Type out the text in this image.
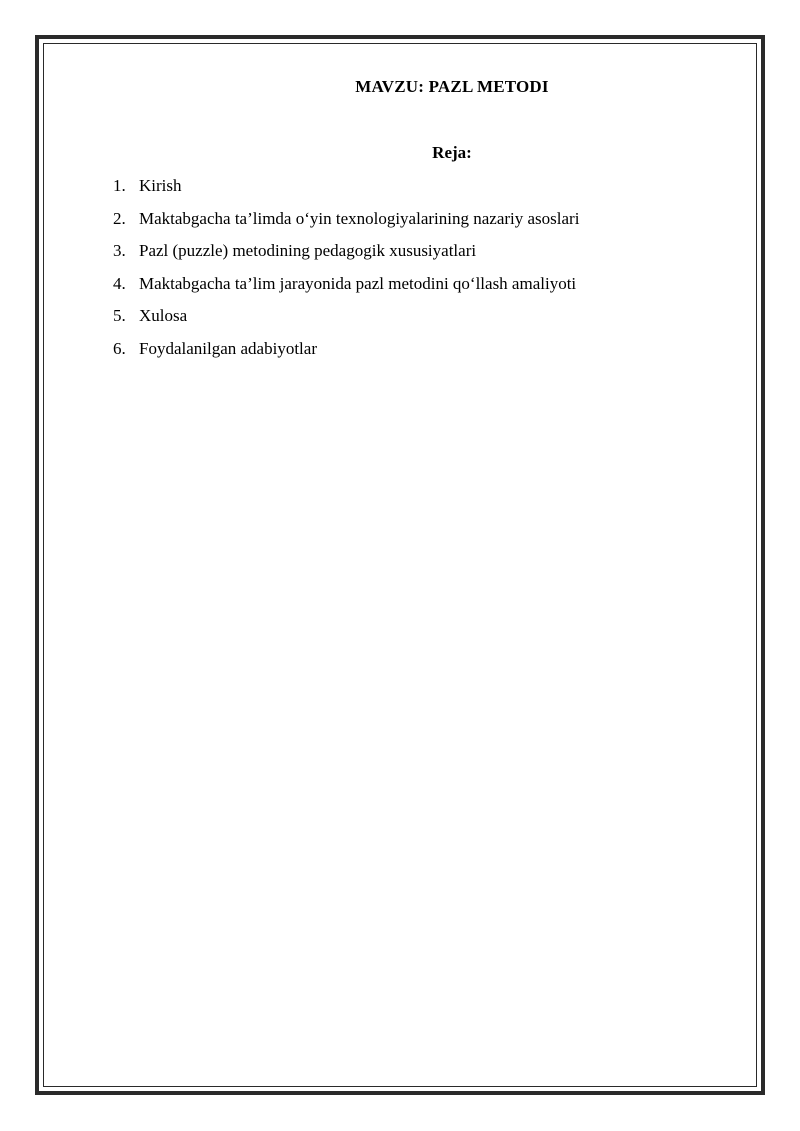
MAVZU: PAZL METODI
Reja:
1. Kirish
2. Maktabgacha ta’limda o‘yin texnologiyalarining nazariy asoslari
3. Pazl (puzzle) metodining pedagogik xususiyatlari
4. Maktabgacha ta’lim jarayonida pazl metodini qo‘llash amaliyoti
5. Xulosa
6. Foydalanilgan adabiyotlar
